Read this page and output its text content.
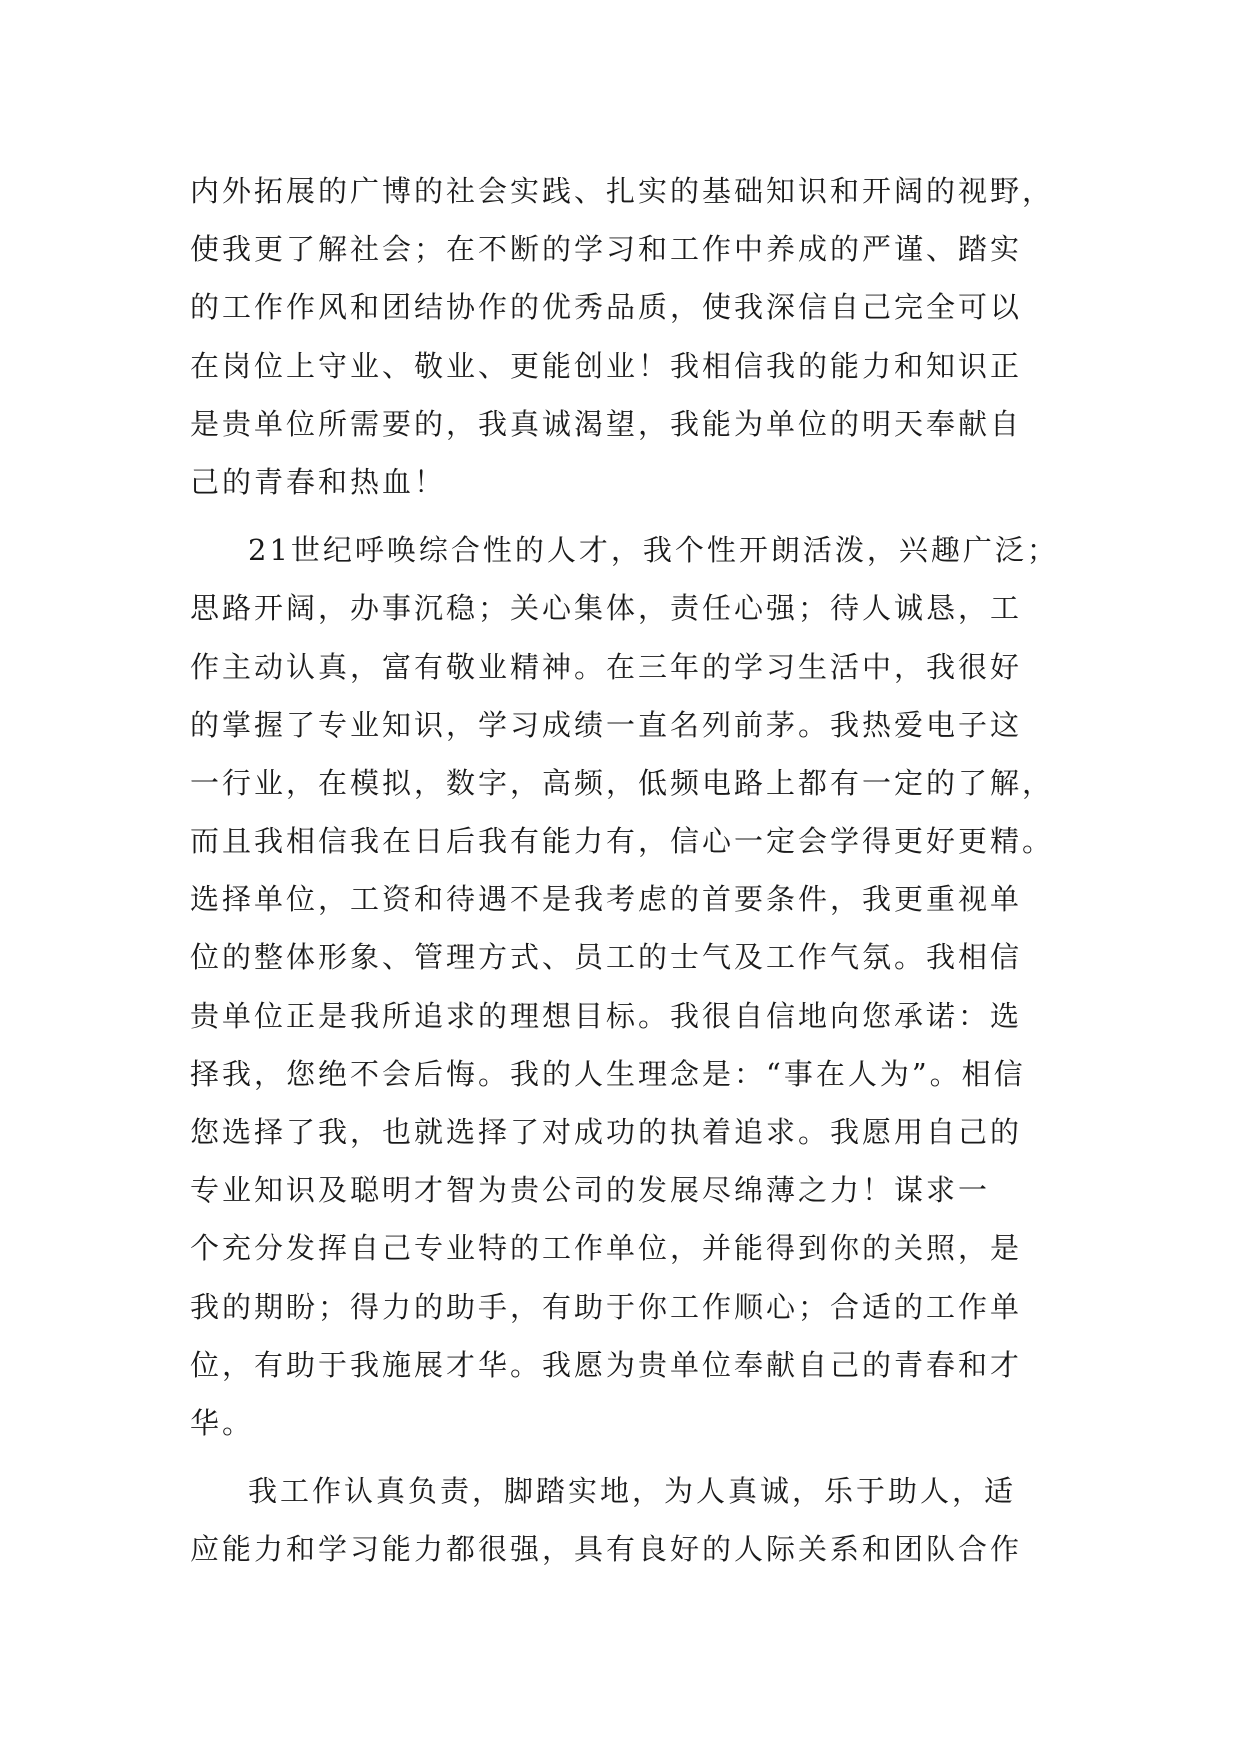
内外拓展的广博的社会实践、扎实的基础知识和开阔的视野，
使我更了解社会；在不断的学习和工作中养成的严谨、踏实
的工作作风和团结协作的优秀品质，使我深信自己完全可以
在岗位上守业、敬业、更能创业！我相信我的能力和知识正
是贵单位所需要的，我真诚渴望，我能为单位的明天奉献自
己的青春和热血！
21世纪呼唤综合性的人才，我个性开朗活泼，兴趣广泛；
思路开阔，办事沉稳；关心集体，责任心强；待人诚恳，工
作主动认真，富有敬业精神。在三年的学习生活中，我很好
的掌握了专业知识，学习成绩一直名列前茅。我热爱电子这
一行业，在模拟，数字，高频，低频电路上都有一定的了解，
而且我相信我在日后我有能力有，信心一定会学得更好更精。
选择单位，工资和待遇不是我考虑的首要条件，我更重视单
位的整体形象、管理方式、员工的士气及工作气氛。我相信
贵单位正是我所追求的理想目标。我很自信地向您承诺：选
择我，您绝不会后悔。我的人生理念是：“事在人为”。相信
您选择了我，也就选择了对成功的执着追求。我愿用自己的
专业知识及聪明才智为贵公司的发展尽绵薄之力！谋求一
个充分发挥自己专业特的工作单位，并能得到你的关照，是
我的期盼；得力的助手，有助于你工作顺心；合适的工作单
位，有助于我施展才华。我愿为贵单位奉献自己的青春和才
华。
我工作认真负责，脚踏实地，为人真诚，乐于助人，适
应能力和学习能力都很强，具有良好的人际关系和团队合作
